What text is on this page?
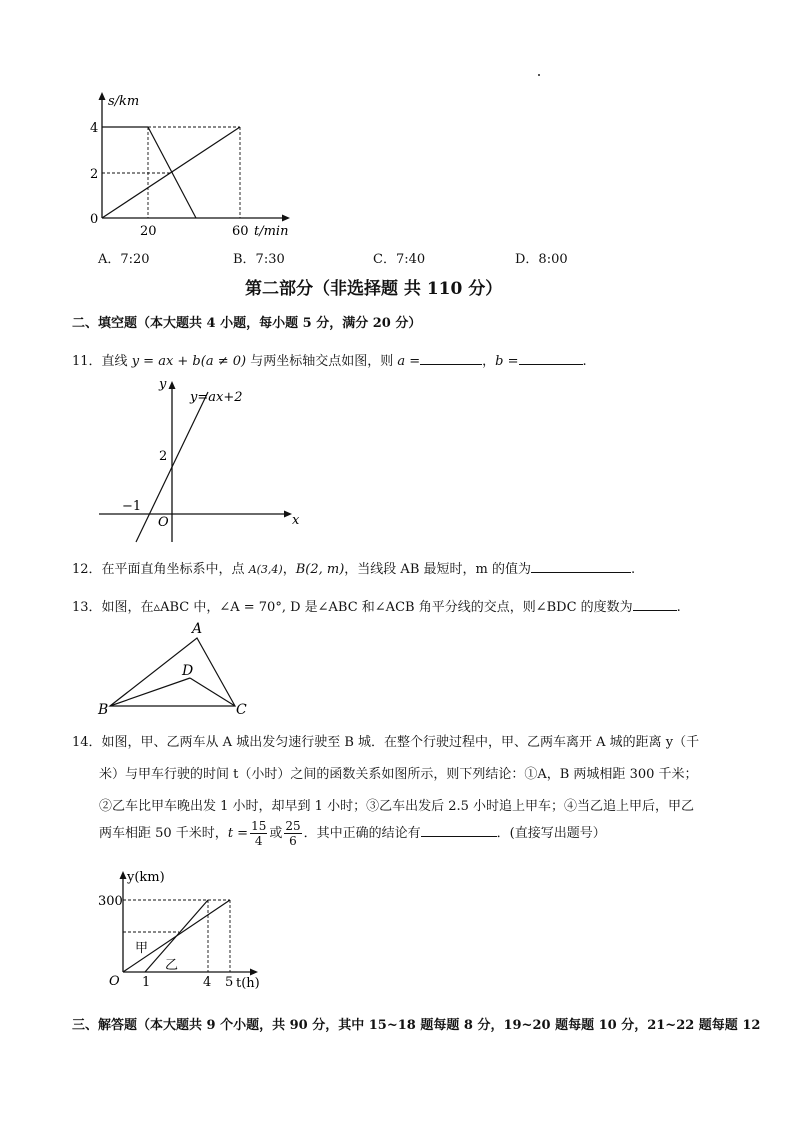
s/km
4
2
0
20	60 t/min
A．7:20	B．7:30	C．7:40	D．8:00
第二部分（非选择题 共 110 分）
二、填空题（本大题共 4 小题，每小题 5 分，满分 20 分）
11．直线 y = ax + b(a ≠ 0) 与两坐标轴交点如图，则 a =	，b =	.
y=ax+2
y
2
−1
O	x
12．在平面直角坐标系中，点 A(3,4)，B(2, m)，当线段 AB 最短时，m 的值为	.
13．如图，在▵ABC 中，∠A = 70°, D 是∠ABC 和∠ACB 角平分线的交点，则∠BDC 的度数为	.
A
B	C
D
14．如图，甲、乙两车从 A 城出发匀速行驶至 B 城．在整个行驶过程中，甲、乙两车离开 A 城的距离 y（千
米）与甲车行驶的时间 t（小时）之间的函数关系如图所示，则下列结论：①A，B 两城相距 300 千米；
②乙车比甲车晚出发 1 小时，却早到 1 小时；③乙车出发后 2.5 小时追上甲车；④当乙追上甲后，甲乙
两车相距 50 千米时，$t = \frac{15}{4}$ 或 $\frac{25}{6}$ ．其中正确的结论有	．(直接写出题号）
y(km)
300
O 1	4 5 t(h)
甲
乙
三、解答题（本大题共 9 个小题，共 90 分，其中 15~18 题每题 8 分，19~20 题每题 10 分，21~22 题每题 12
